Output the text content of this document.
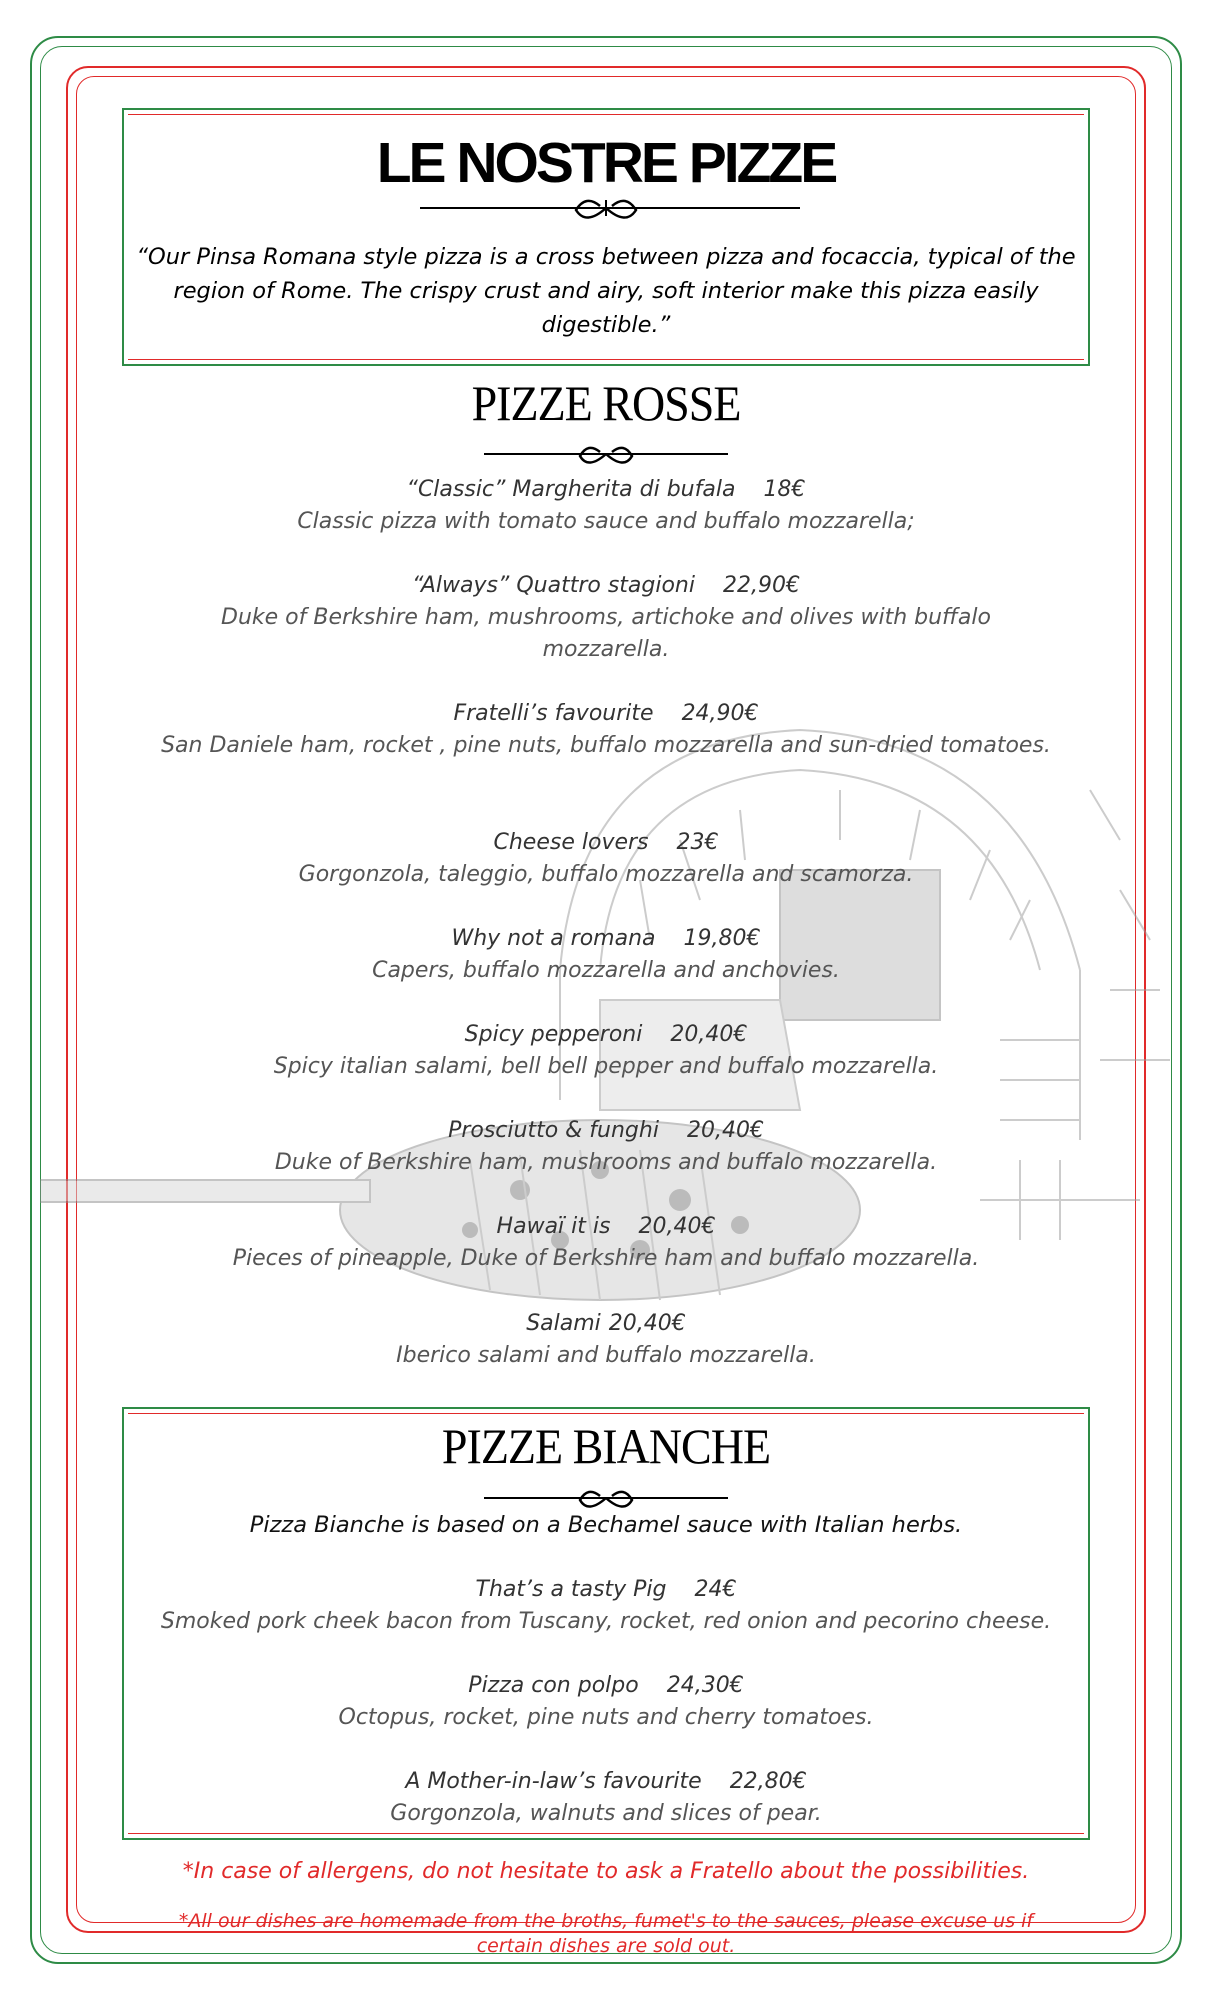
LE NOSTRE PIZZE
“Our Pinsa Romana style pizza is a cross between pizza and focaccia, typical of the region of Rome. The crispy crust and airy, soft interior make this pizza easily digestible.”
PIZZE ROSSE
“Classic” Margherita di bufala 18€
Classic pizza with tomato sauce and buffalo mozzarella;
“Always” Quattro stagioni 22,90€
Duke of Berkshire ham, mushrooms, artichoke and olives with buffalo mozzarella.
Fratelli’s favourite 24,90€
San Daniele ham, rocket , pine nuts, buffalo mozzarella and sun-dried tomatoes.
Cheese lovers 23€
Gorgonzola, taleggio, buffalo mozzarella and scamorza.
Why not a romana 19,80€
Capers, buffalo mozzarella and anchovies.
Spicy pepperoni 20,40€
Spicy italian salami, bell bell pepper and buffalo mozzarella.
Prosciutto & funghi 20,40€
Duke of Berkshire ham, mushrooms and buffalo mozzarella.
Hawaï it is 20,40€
Pieces of pineapple, Duke of Berkshire ham and buffalo mozzarella.
Salami 20,40€
Iberico salami and buffalo mozzarella.
PIZZE BIANCHE
Pizza Bianche is based on a Bechamel sauce with Italian herbs.
That’s a tasty Pig 24€
Smoked pork cheek bacon from Tuscany, rocket, red onion and pecorino cheese.
Pizza con polpo 24,30€
Octopus, rocket, pine nuts and cherry tomatoes.
A Mother-in-law’s favourite 22,80€
Gorgonzola, walnuts and slices of pear.
*In case of allergens, do not hesitate to ask a Fratello about the possibilities.
*All our dishes are homemade from the broths, fumet's to the sauces, please excuse us if certain dishes are sold out.
